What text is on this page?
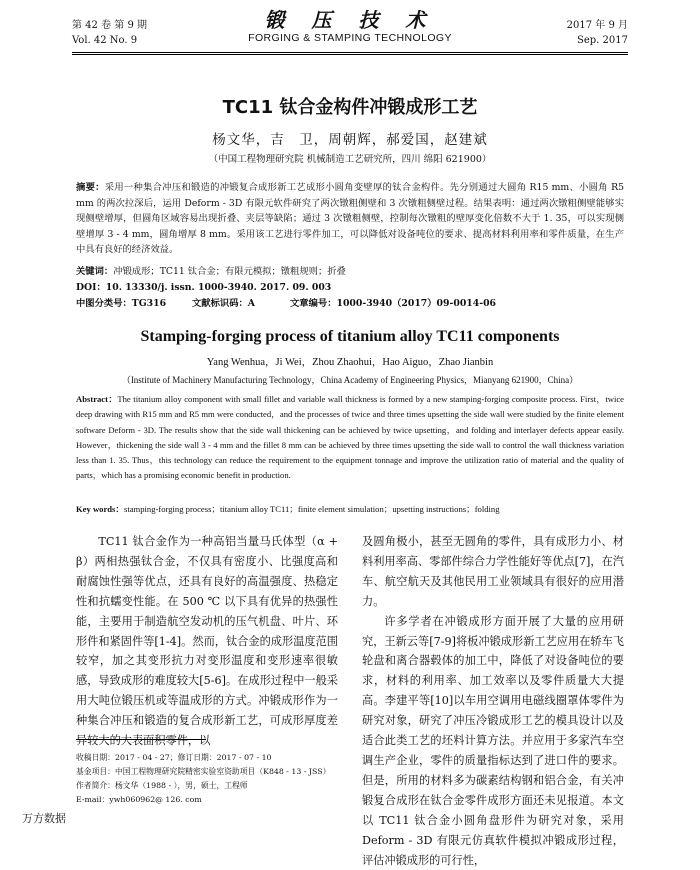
第 42 卷 第 9 期
Vol. 42 No. 9
锻 压 技 术
FORGING & STAMPING TECHNOLOGY
2017 年 9 月
Sep. 2017
TC11 钛合金构件冲锻成形工艺
杨文华，吉　卫，周朝辉，郝爱国，赵建斌
（中国工程物理研究院 机械制造工艺研究所，四川 绵阳 621900）
摘要：采用一种集合冲压和锻造的冲锻复合成形新工艺成形小圆角变壁厚的钛合金构件。先分别通过大圆角 R15 mm、小圆角 R5 mm 的两次拉深后，运用 Deform - 3D 有限元软件研究了两次镦粗侧壁和 3 次镦粗侧壁过程。结果表明：通过两次镦粗侧壁能够实现侧壁增厚，但圆角区域容易出现折叠、夹层等缺陷；通过 3 次镦粗侧壁，控制每次镦粗的壁厚变化倍数不大于 1. 35，可以实现侧壁增厚 3 - 4 mm，圆角增厚 8 mm。采用该工艺进行零件加工，可以降低对设备吨位的要求、提高材料利用率和零件质量，在生产中具有良好的经济效益。
关键词：冲锻成形；TC11 钛合金；有限元模拟；镦粗规则；折叠
DOI：10. 13330/j. issn. 1000-3940. 2017. 09. 003
中图分类号：TG316	文献标识码：A	文章编号：1000-3940（2017）09-0014-06
Stamping-forging process of titanium alloy TC11 components
Yang Wenhua，Ji Wei，Zhou Zhaohui，Hao Aiguo，Zhao Jianbin
（Institute of Machinery Manufacturing Technology，China Academy of Engineering Physics，Mianyang 621900，China）
Abstract：The titanium alloy component with small fillet and variable wall thickness is formed by a new stamping-forging composite process. First，twice deep drawing with R15 mm and R5 mm were conducted，and the processes of twice and three times upsetting the side wall were studied by the finite element software Deform - 3D. The results show that the side wall thickening can be achieved by twice upsetting，and folding and interlayer defects appear easily. However，thickening the side wall 3 - 4 mm and the fillet 8 mm can be achieved by three times upsetting the side wall to control the wall thickness variation less than 1. 35. Thus，this technology can reduce the requirement to the equipment tonnage and improve the utilization ratio of material and the quality of parts，which has a promising economic benefit in production.
Key words：stamping-forging process；titanium alloy TC11；finite element simulation；upsetting instructions；folding

TC11 钛合金作为一种高铝当量马氏体型（α + β）两相热强钛合金，不仅具有密度小、比强度高和耐腐蚀性强等优点，还具有良好的高温强度、热稳定性和抗蠕变性能。在 500 ℃ 以下具有优异的热强性能，主要用于制造航空发动机的压气机盘、叶片、环形件和紧固件等[1-4]。然而，钛合金的成形温度范围较窄，加之其变形抗力对变形温度和变形速率很敏感，导致成形的难度较大[5-6]。在成形过程中一般采用大吨位锻压机或等温成形的方式。冲锻成形作为一种集合冲压和锻造的复合成形新工艺，可成形厚度差异较大的大表面积零件，以

及圆角极小，甚至无圆角的零件，具有成形力小、材料利用率高、零部件综合力学性能好等优点[7]，在汽车、航空航天及其他民用工业领域具有很好的应用潜力。

许多学者在冲锻成形方面开展了大量的应用研究，王新云等[7-9]将板冲锻成形新工艺应用在轿车飞轮盘和离合器毂体的加工中，降低了对设备吨位的要求，材料的利用率、加工效率以及零件质量大大提高。李建平等[10]以车用空调用电磁线圈罩体零件为研究对象，研究了冲压冷锻成形工艺的模具设计以及适合此类工艺的坯料计算方法。并应用于多家汽车空调生产企业，零件的质量指标达到了进口件的要求。但是，所用的材料多为碳素结构钢和铝合金，有关冲锻复合成形在钛合金零件成形方面还未见报道。本文以 TC11 钛合金小圆角盘形件为研究对象，采用 Deform - 3D 有限元仿真软件模拟冲锻成形过程，评估冲锻成形的可行性，

收稿日期：2017 - 04 - 27；修订日期：2017 - 07 - 10
基金项目：中国工程物理研究院精密实验室资助项目（K848 - 13 - JSS）
作者简介：杨文华（1988 - ），男，硕士，工程师
E-mail：ywh060962@ 126. com
万方数据
